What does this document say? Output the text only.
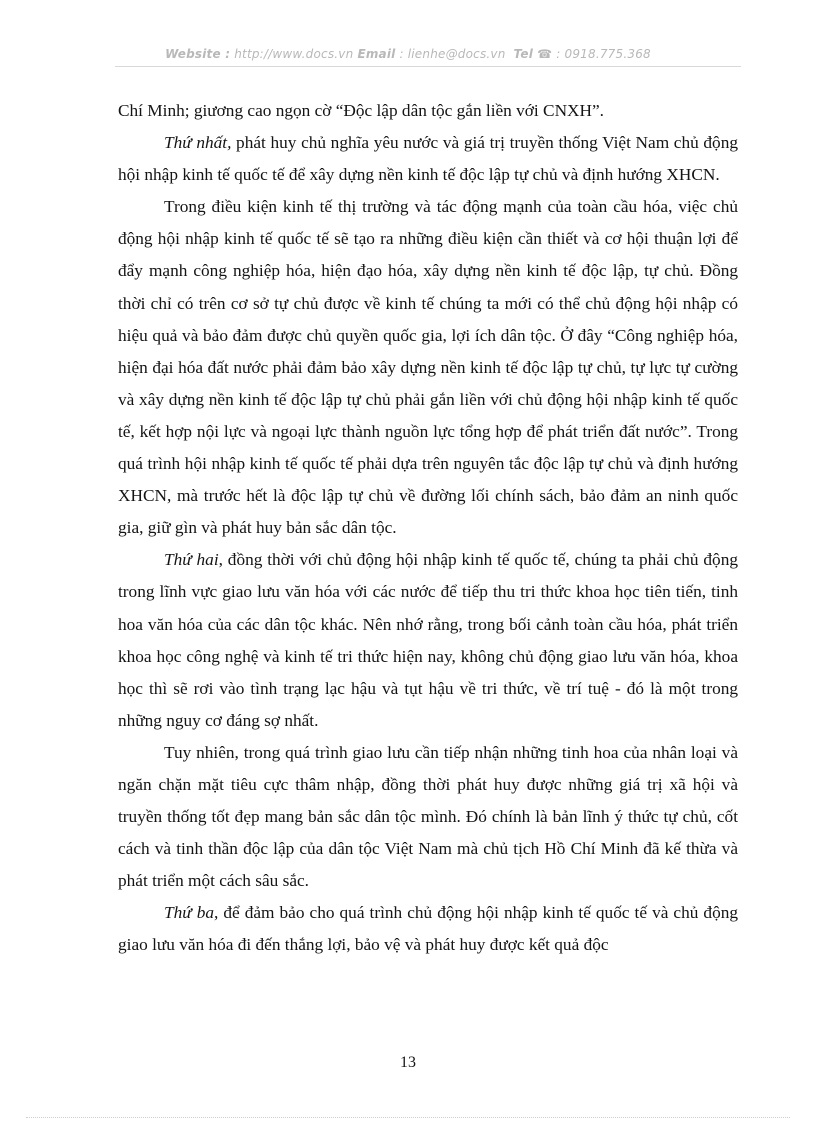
Website : http://www.docs.vn Email : lienhe@docs.vn  Tel ☎ : 0918.775.368

Chí Minh; giương cao ngọn cờ “Độc lập dân tộc gắn liền với CNXH”.

Thứ nhất, phát huy chủ nghĩa yêu nước và giá trị truyền thống Việt Nam chủ động hội nhập kinh tế quốc tế để xây dựng nền kinh tế độc lập tự chủ và định hướng XHCN.

Trong điều kiện kinh tế thị trường và tác động mạnh của toàn cầu hóa, việc chủ động hội nhập kinh tế quốc tế sẽ tạo ra những điều kiện cần thiết và cơ hội thuận lợi để đẩy mạnh công nghiệp hóa, hiện đạo hóa, xây dựng nền kinh tế độc lập, tự chủ. Đồng thời chỉ có trên cơ sở tự chủ được về kinh tế chúng ta mới có thể chủ động hội nhập có hiệu quả và bảo đảm được chủ quyền quốc gia, lợi ích dân tộc. Ở đây “Công nghiệp hóa, hiện đại hóa đất nước phải đảm bảo xây dựng nền kinh tế độc lập tự chủ, tự lực tự cường và xây dựng nền kinh tế độc lập tự chủ phải gắn liền với chủ động hội nhập kinh tế quốc tế, kết hợp nội lực và ngoại lực thành nguồn lực tổng hợp để phát triển đất nước”. Trong quá trình hội nhập kinh tế quốc tế phải dựa trên nguyên tắc độc lập tự chủ và định hướng XHCN, mà trước hết là độc lập tự chủ về đường lối chính sách, bảo đảm an ninh quốc gia, giữ gìn và phát huy bản sắc dân tộc.

Thứ hai, đồng thời với chủ động hội nhập kinh tế quốc tế, chúng ta phải chủ động trong lĩnh vực giao lưu văn hóa với các nước để tiếp thu tri thức khoa học tiên tiến, tinh hoa văn hóa của các dân tộc khác. Nên nhớ rằng, trong bối cảnh toàn cầu hóa, phát triển khoa học công nghệ và kinh tế tri thức hiện nay, không chủ động giao lưu văn hóa, khoa học thì sẽ rơi vào tình trạng lạc hậu và tụt hậu về tri thức, về trí tuệ - đó là một trong những nguy cơ đáng sợ nhất.

Tuy nhiên, trong quá trình giao lưu cần tiếp nhận những tinh hoa của nhân loại và ngăn chặn mặt tiêu cực thâm nhập, đồng thời phát huy được những giá trị xã hội và truyền thống tốt đẹp mang bản sắc dân tộc mình. Đó chính là bản lĩnh ý thức tự chủ, cốt cách và tinh thần độc lập của dân tộc Việt Nam mà chủ tịch Hồ Chí Minh đã kế thừa và phát triển một cách sâu sắc.

Thứ ba, để đảm bảo cho quá trình chủ động hội nhập kinh tế quốc tế và chủ động giao lưu văn hóa đi đến thắng lợi, bảo vệ và phát huy được kết quả độc

13
